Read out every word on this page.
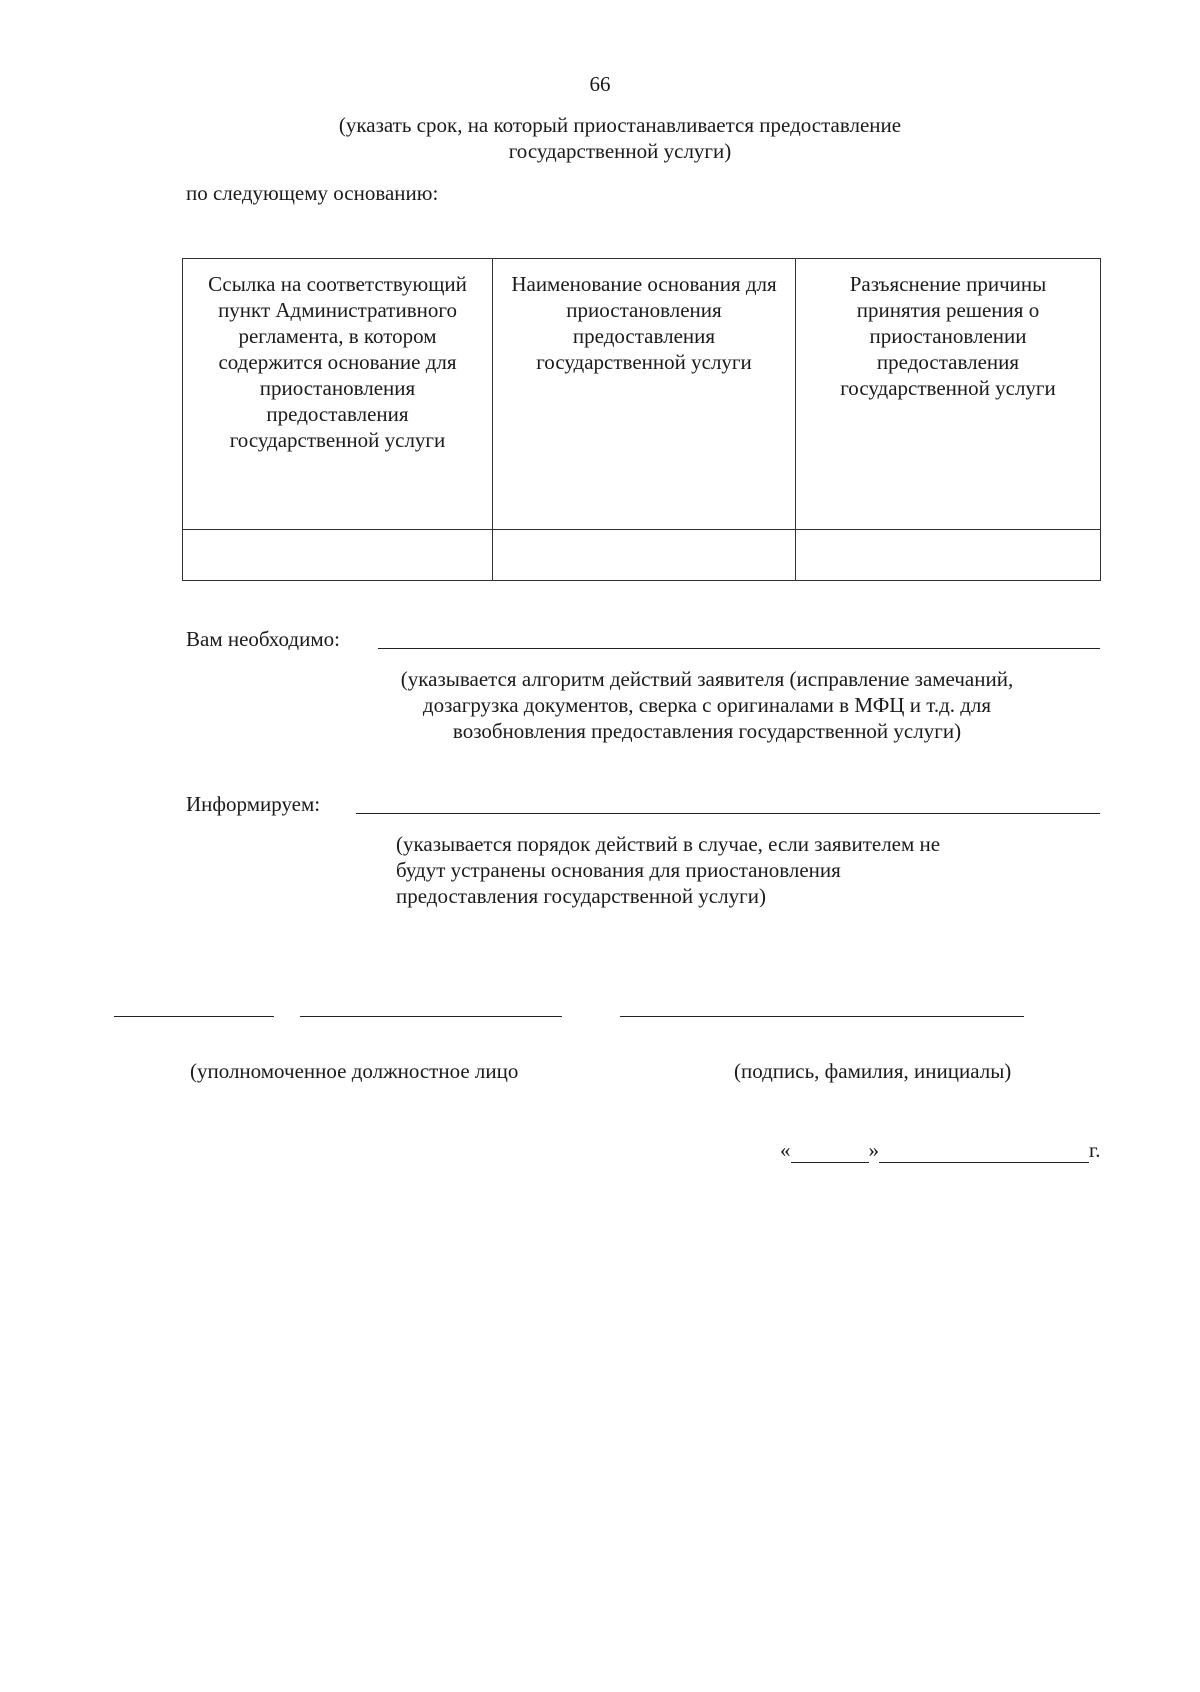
66
(указать срок, на который приостанавливается предоставление государственной услуги)
по следующему основанию:
Ссылка на соответствующий пункт Административного регламента, в котором содержится основание для приостановления предоставления государственной услуги	Наименование основания для приостановления предоставления государственной услуги	Разъяснение причины принятия решения о приостановлении предоставления государственной услуги

Вам необходимо:
(указывается алгоритм действий заявителя (исправление замечаний, дозагрузка документов, сверка с оригиналами в МФЦ и т.д. для возобновления предоставления государственной услуги)
Информируем:
(указывается порядок действий в случае, если заявителем не будут устранены основания для приостановления предоставления государственной услуги)
(уполномоченное должностное лицо	(подпись, фамилия, инициалы)
«	»	г.
